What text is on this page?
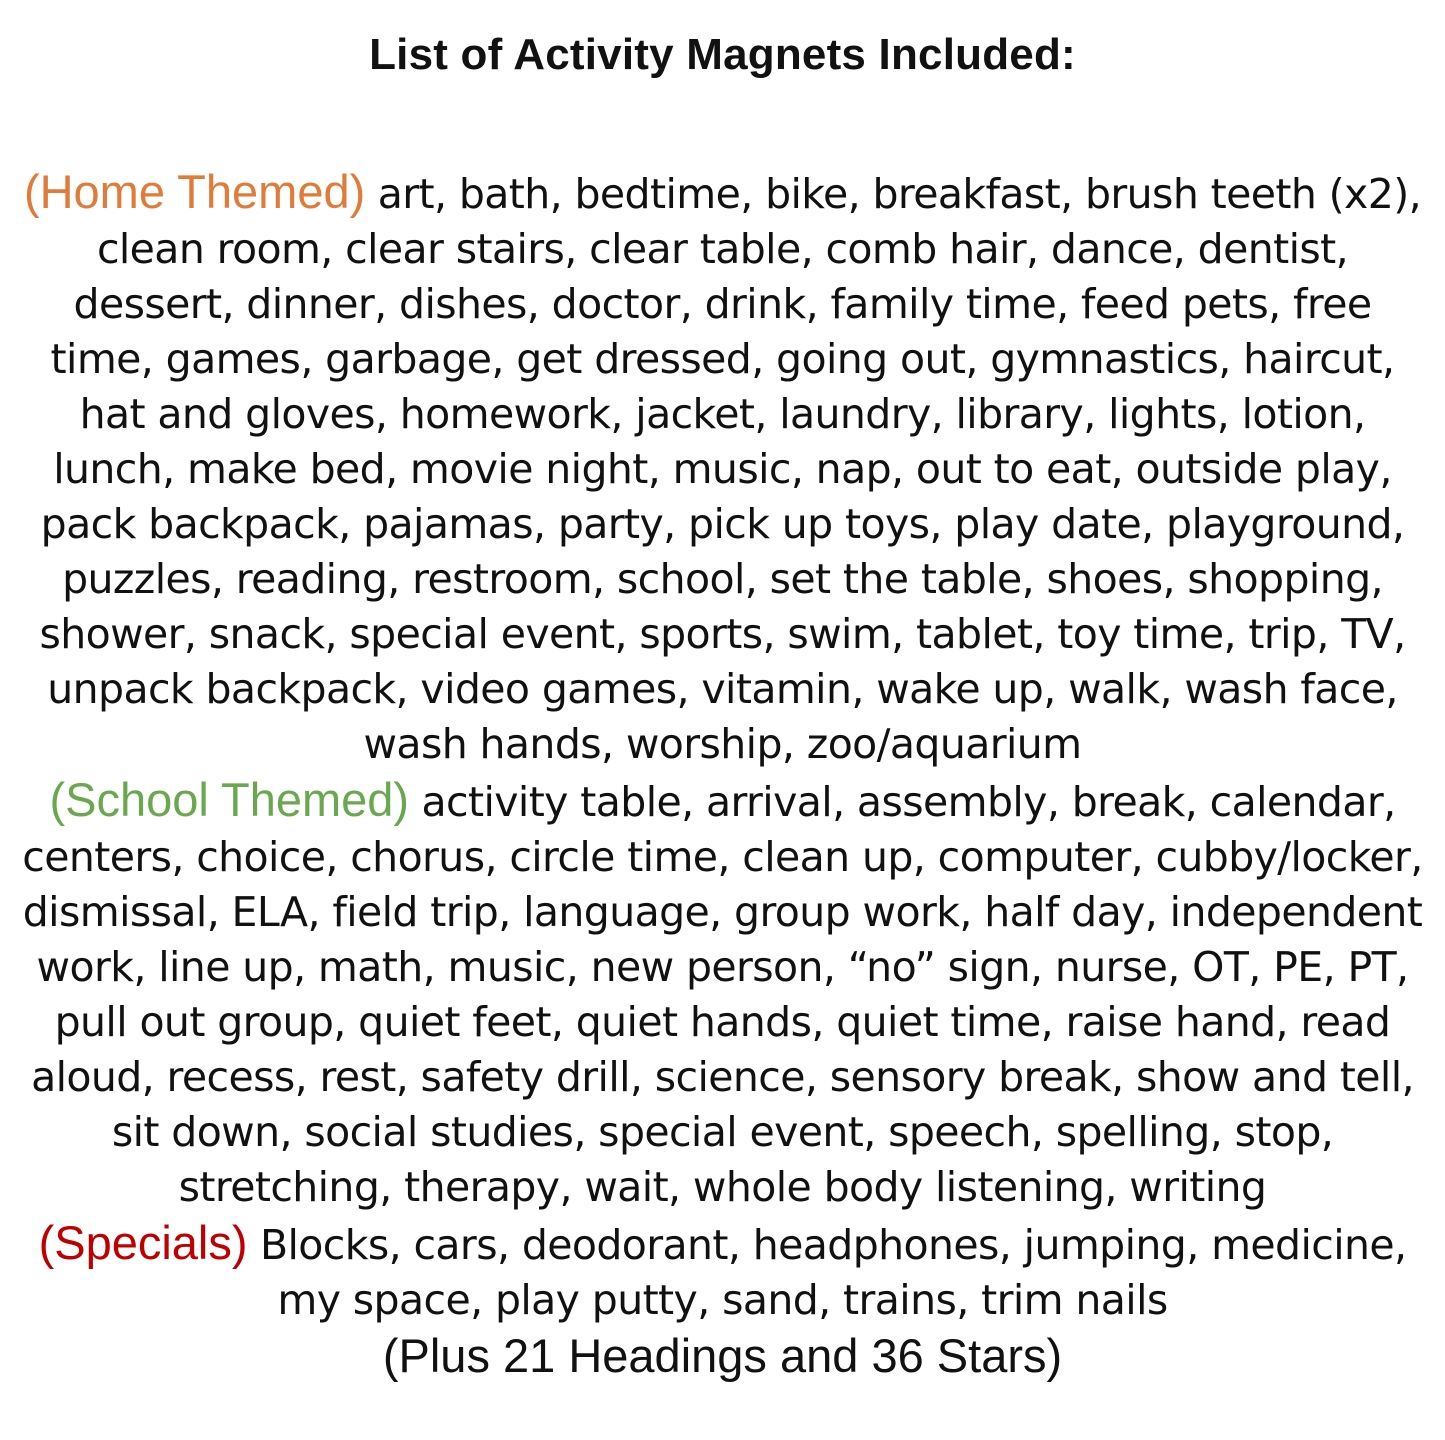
List of Activity Magnets Included:

(Home Themed) art, bath, bedtime, bike, breakfast, brush teeth (x2), clean room, clear stairs, clear table, comb hair, dance, dentist, dessert, dinner, dishes, doctor, drink, family time, feed pets, free time, games, garbage, get dressed, going out, gymnastics, haircut, hat and gloves, homework, jacket, laundry, library, lights, lotion, lunch, make bed, movie night, music, nap, out to eat, outside play, pack backpack, pajamas, party, pick up toys, play date, playground, puzzles, reading, restroom, school, set the table, shoes, shopping, shower, snack, special event, sports, swim, tablet, toy time, trip, TV, unpack backpack, video games, vitamin, wake up, walk, wash face, wash hands, worship, zoo/aquarium

(School Themed) activity table, arrival, assembly, break, calendar, centers, choice, chorus, circle time, clean up, computer, cubby/locker, dismissal, ELA, field trip, language, group work, half day, independent work, line up, math, music, new person, “no” sign, nurse, OT, PE, PT, pull out group, quiet feet, quiet hands, quiet time, raise hand, read aloud, recess, rest, safety drill, science, sensory break, show and tell, sit down, social studies, special event, speech, spelling, stop, stretching, therapy, wait, whole body listening, writing

(Specials) Blocks, cars, deodorant, headphones, jumping, medicine, my space, play putty, sand, trains, trim nails

(Plus 21 Headings and 36 Stars)
